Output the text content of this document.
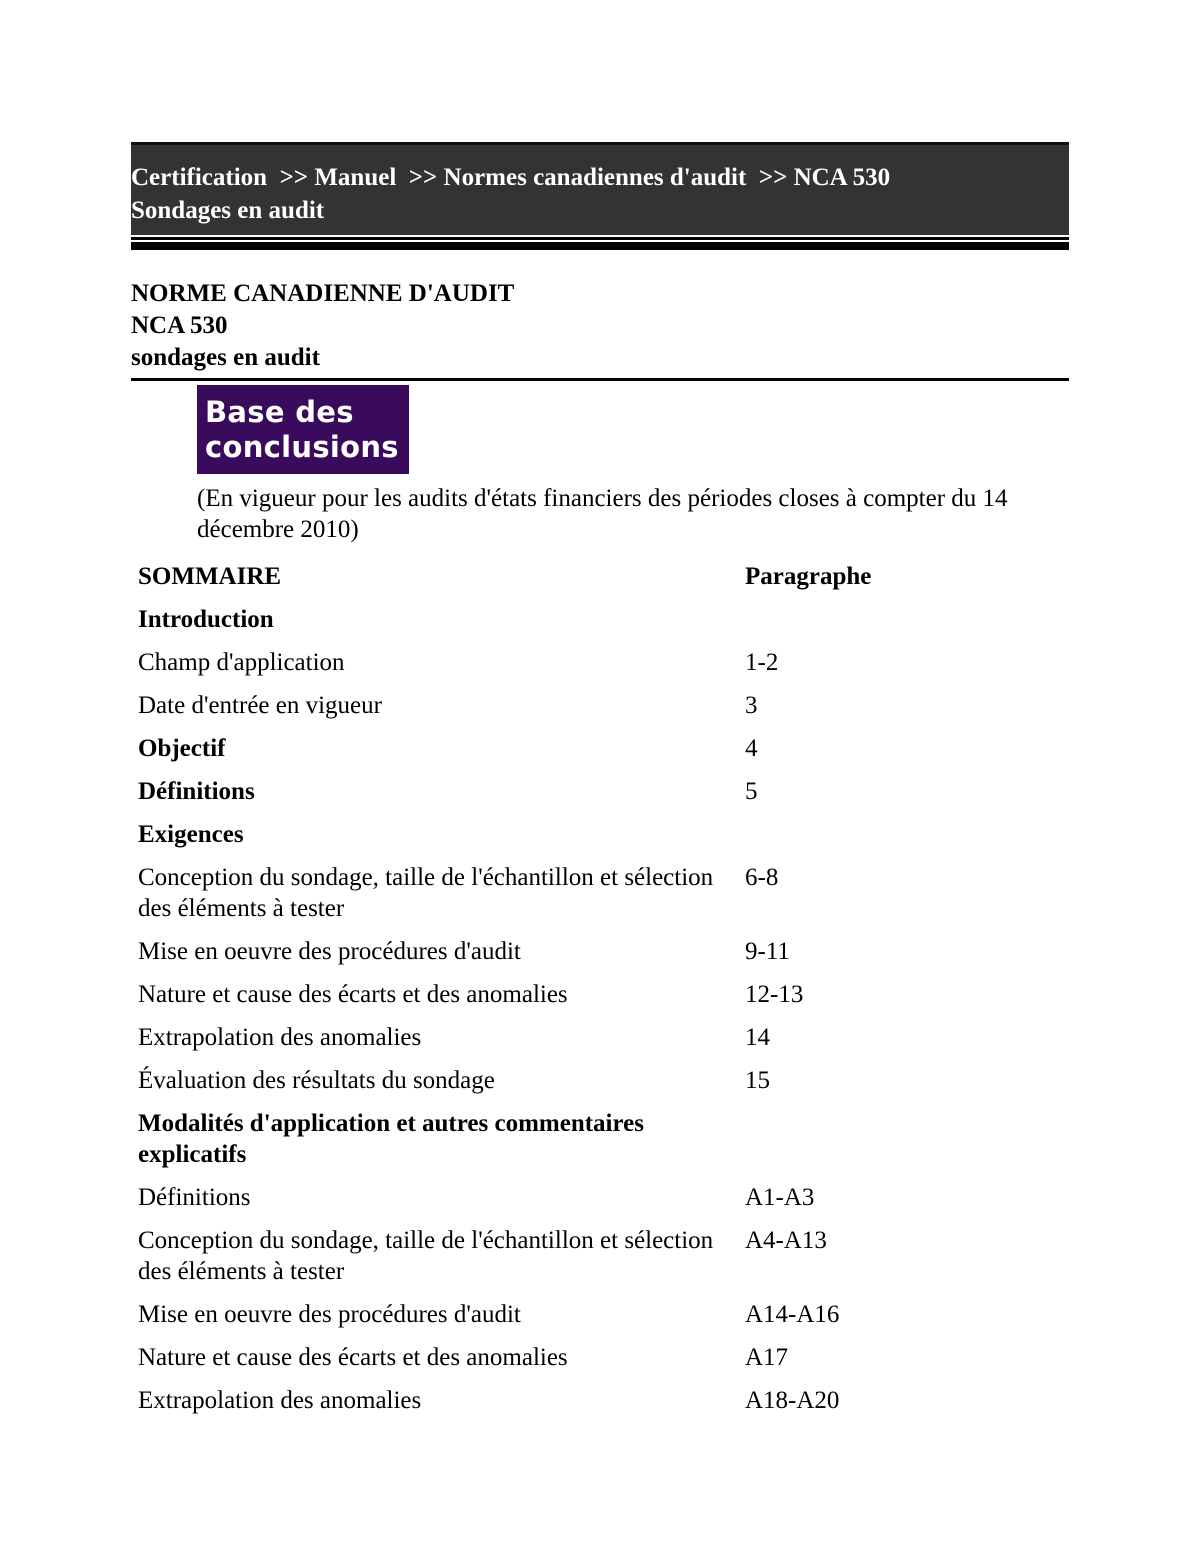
Certification >> Manuel >> Normes canadiennes d'audit >> NCA 530
Sondages en audit
NORME CANADIENNE D'AUDIT
NCA 530
sondages en audit
Base des
conclusions
(En vigueur pour les audits d'états financiers des périodes closes à compter du 14 décembre 2010)
SOMMAIRE	Paragraphe
Introduction	
Champ d'application	1-2
Date d'entrée en vigueur	3
Objectif	4
Définitions	5
Exigences	
Conception du sondage, taille de l'échantillon et sélection des éléments à tester	6-8
Mise en oeuvre des procédures d'audit	9-11
Nature et cause des écarts et des anomalies	12-13
Extrapolation des anomalies	14
Évaluation des résultats du sondage	15
Modalités d'application et autres commentaires explicatifs	
Définitions	A1-A3
Conception du sondage, taille de l'échantillon et sélection des éléments à tester	A4-A13
Mise en oeuvre des procédures d'audit	A14-A16
Nature et cause des écarts et des anomalies	A17
Extrapolation des anomalies	A18-A20
